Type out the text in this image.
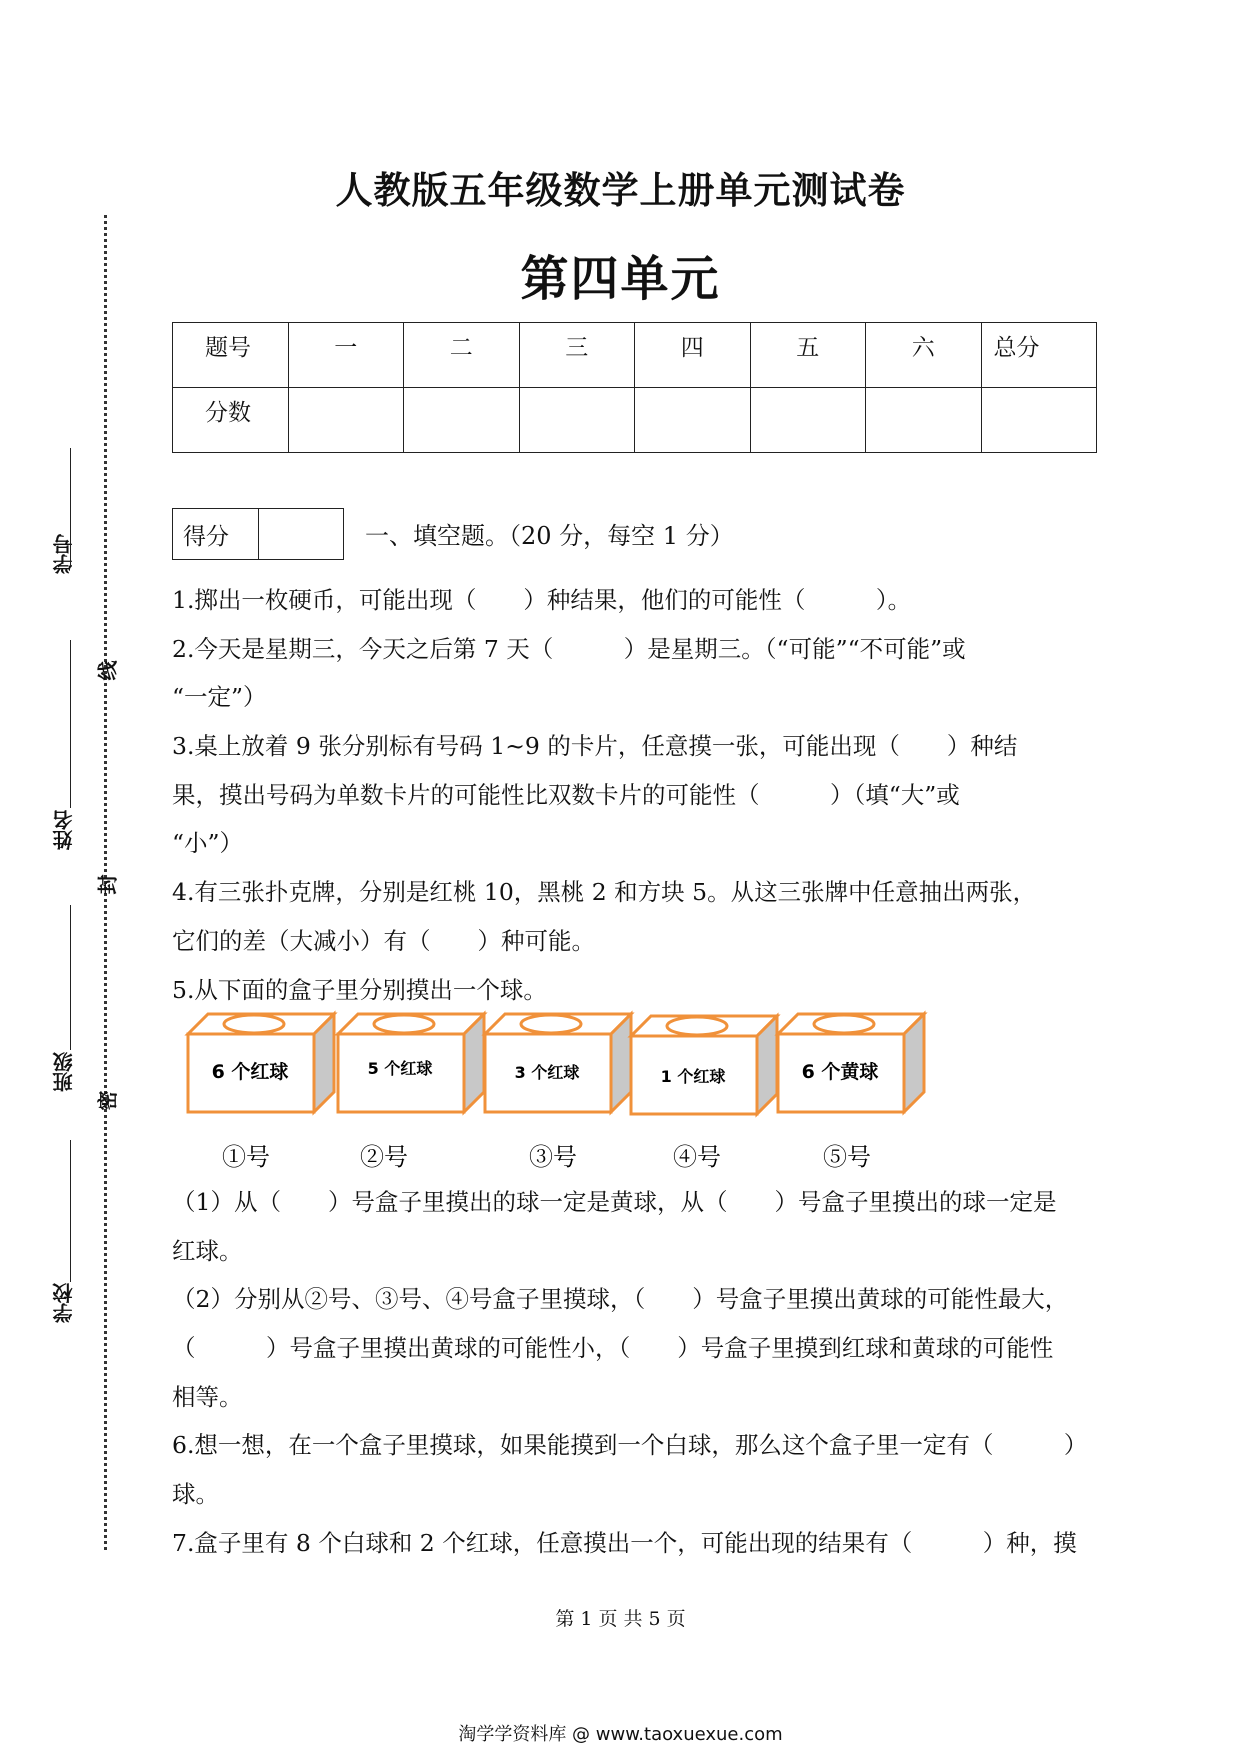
人教版五年级数学上册单元测试卷
第四单元
题号	一	二	三	四	五	六	总分
分数							
学号
姓名
班级
学校
线
封
密
得分	一、填空题。（20 分，每空 1 分）
1.掷出一枚硬币，可能出现（　　）种结果，他们的可能性（　　　）。
2.今天是星期三，今天之后第 7 天（　　　）是星期三。（“可能”“不可能”或
“一定”）
3.桌上放着 9 张分别标有号码 1~9 的卡片，任意摸一张，可能出现（　　）种结
果，摸出号码为单数卡片的可能性比双数卡片的可能性（　　　）（填“大”或
“小”）
4.有三张扑克牌，分别是红桃 10，黑桃 2 和方块 5。从这三张牌中任意抽出两张，
它们的差（大减小）有（　　）种可能。
5.从下面的盒子里分别摸出一个球。
6 个红球	5 个红球	3 个红球	1 个红球	6 个黄球
①号	②号	③号	④号	⑤号
（1）从（　　）号盒子里摸出的球一定是黄球，从（　　）号盒子里摸出的球一定是
红球。
（2）分别从②号、③号、④号盒子里摸球，（　　）号盒子里摸出黄球的可能性最大，
（　　　）号盒子里摸出黄球的可能性小，（　　）号盒子里摸到红球和黄球的可能性
相等。
6.想一想，在一个盒子里摸球，如果能摸到一个白球，那么这个盒子里一定有（　　　）
球。
7.盒子里有 8 个白球和 2 个红球，任意摸出一个，可能出现的结果有（　　　）种，摸
第 1 页 共 5 页
淘学学资料库 @ www.taoxuexue.com
